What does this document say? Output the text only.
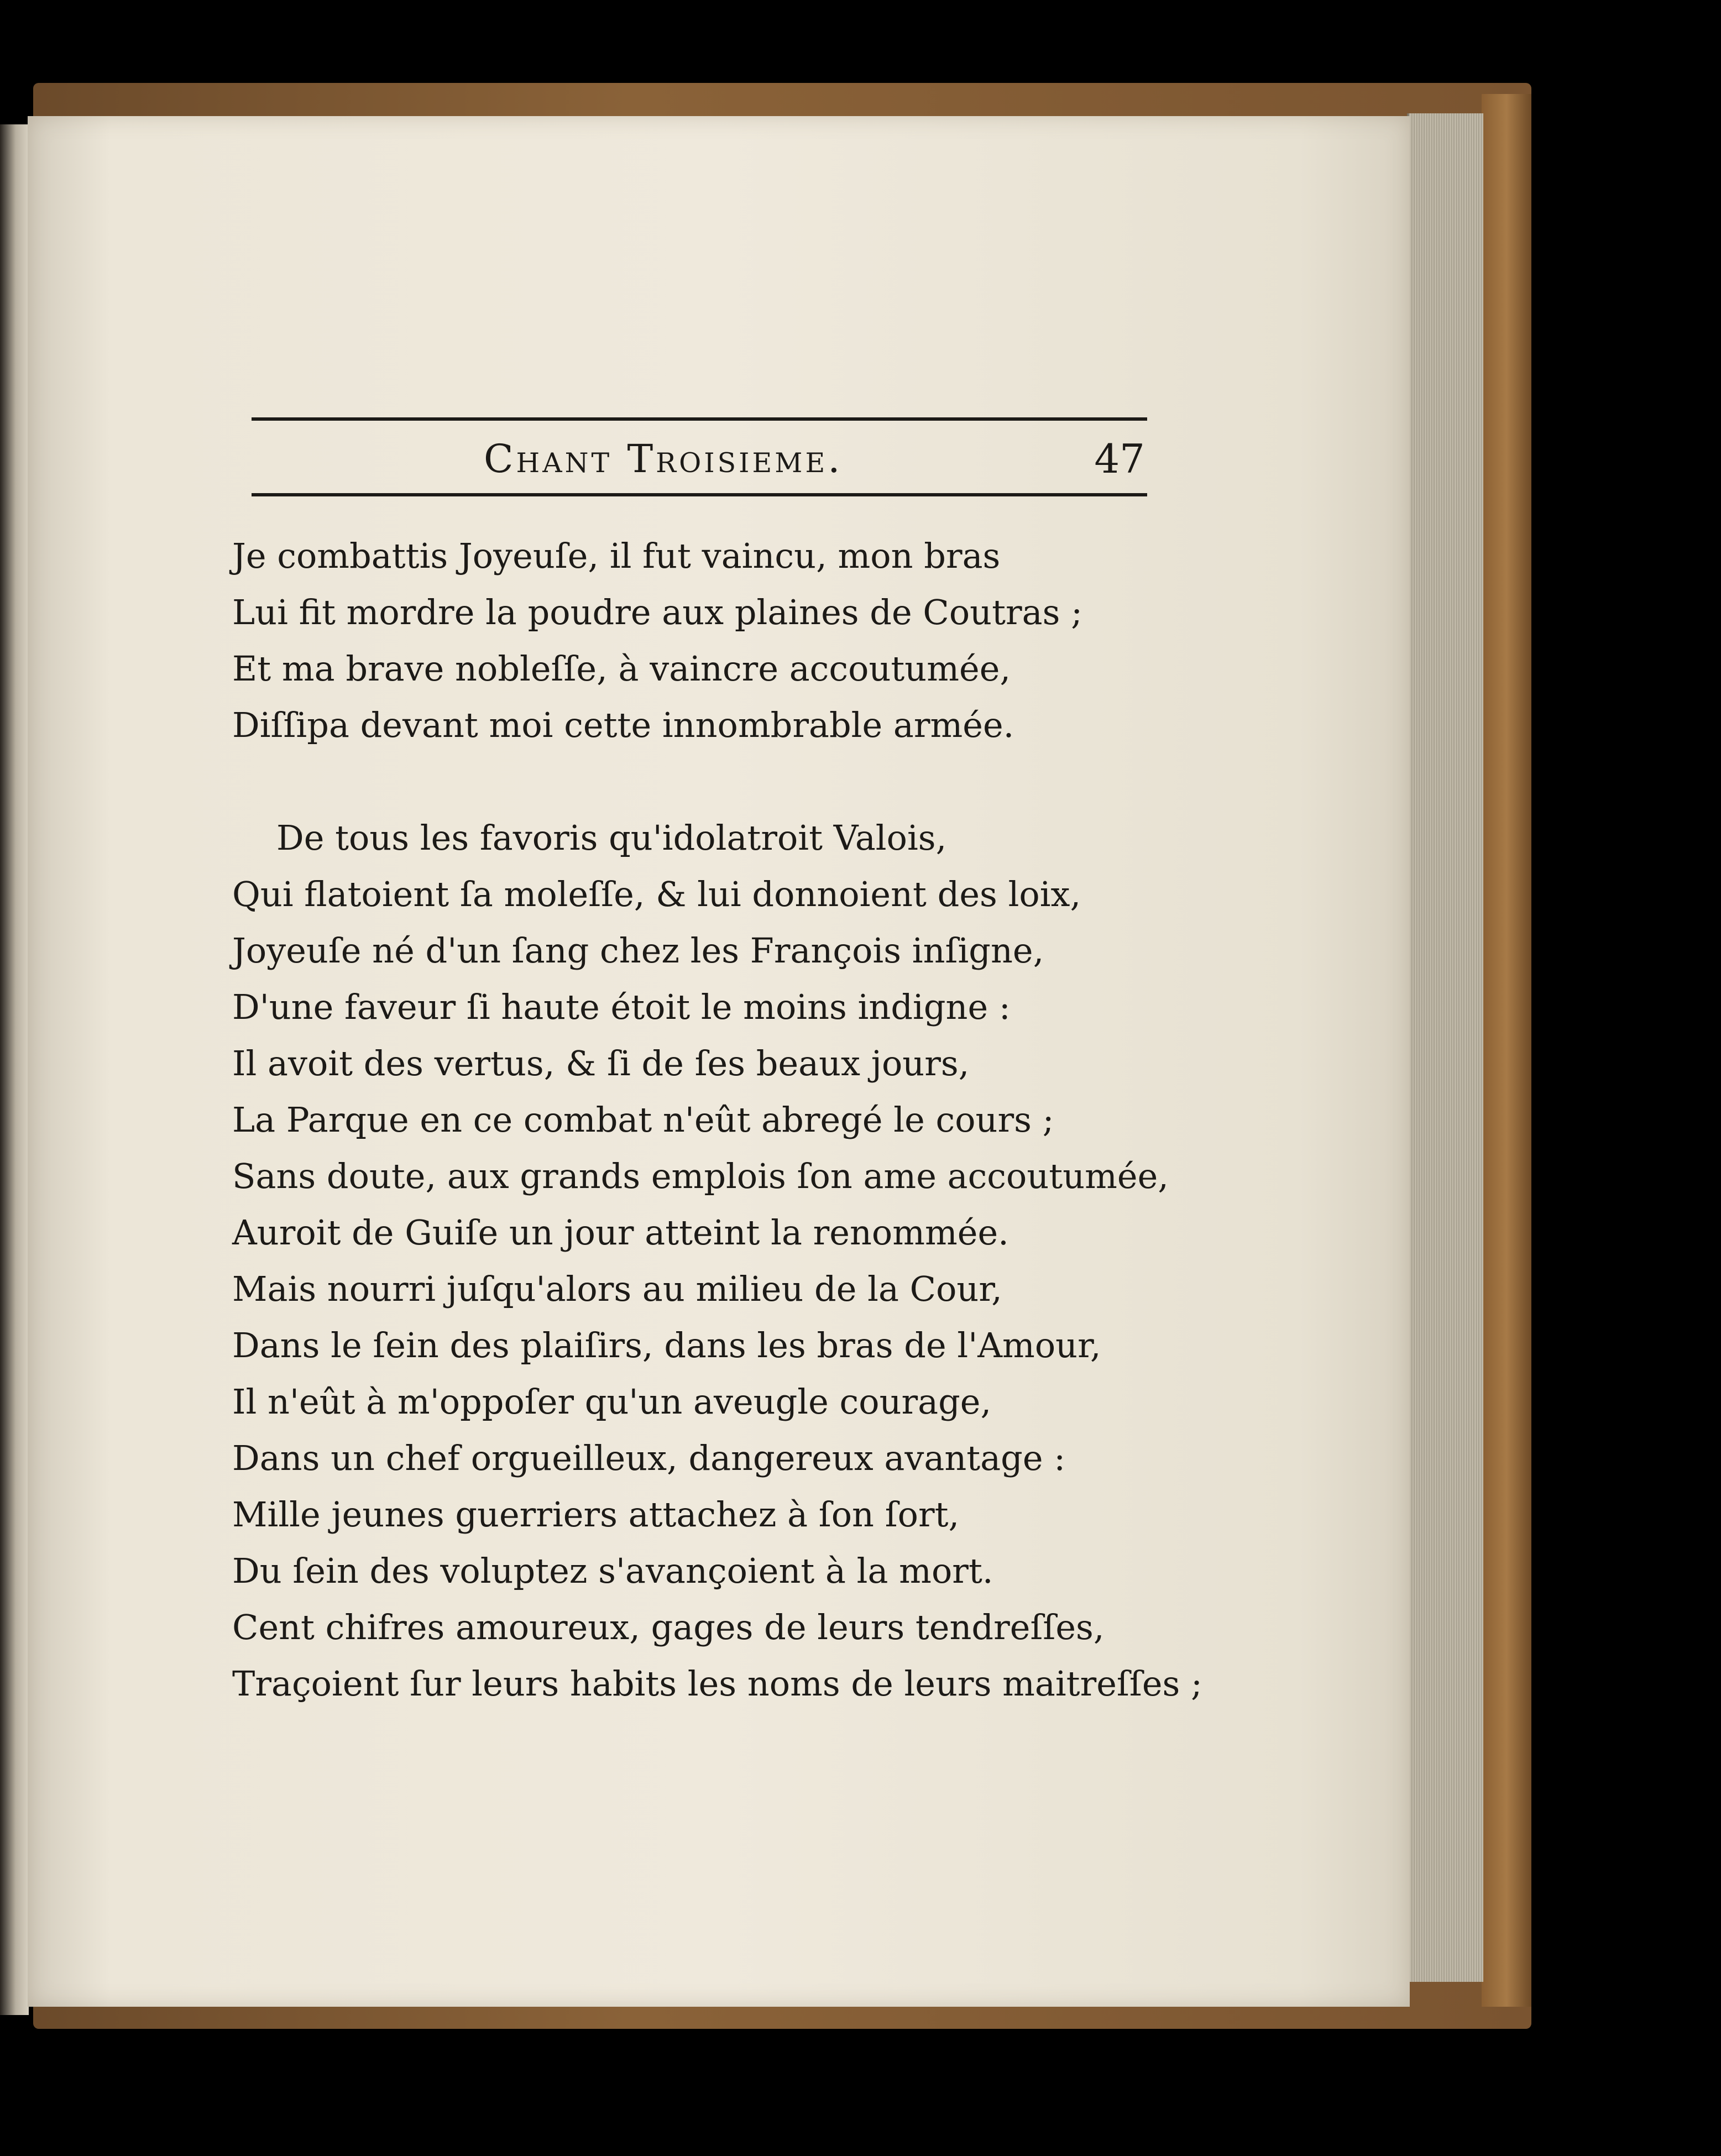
Chant Troisieme.	47
Je combattis Joyeuſe, il fut vaincu, mon bras
Lui fit mordre la poudre aux plaines de Coutras ;
Et ma brave nobleſſe, à vaincre accoutumée,
Diſſipa devant moi cette innombrable armée.
De tous les favoris qu'idolatroit Valois,
Qui flatoient ſa moleſſe, & lui donnoient des loix,
Joyeuſe né d'un ſang chez les François inſigne,
D'une faveur ſi haute étoit le moins indigne :
Il avoit des vertus, & ſi de ſes beaux jours,
La Parque en ce combat n'eût abregé le cours ;
Sans doute, aux grands emplois ſon ame accoutumée,
Auroit de Guiſe un jour atteint la renommée.
Mais nourri juſqu'alors au milieu de la Cour,
Dans le ſein des plaiſirs, dans les bras de l'Amour,
Il n'eût à m'oppoſer qu'un aveugle courage,
Dans un chef orgueilleux, dangereux avantage :
Mille jeunes guerriers attachez à ſon ſort,
Du ſein des voluptez s'avançoient à la mort.
Cent chifres amoureux, gages de leurs tendreſſes,
Traçoient ſur leurs habits les noms de leurs maitreſſes ;
